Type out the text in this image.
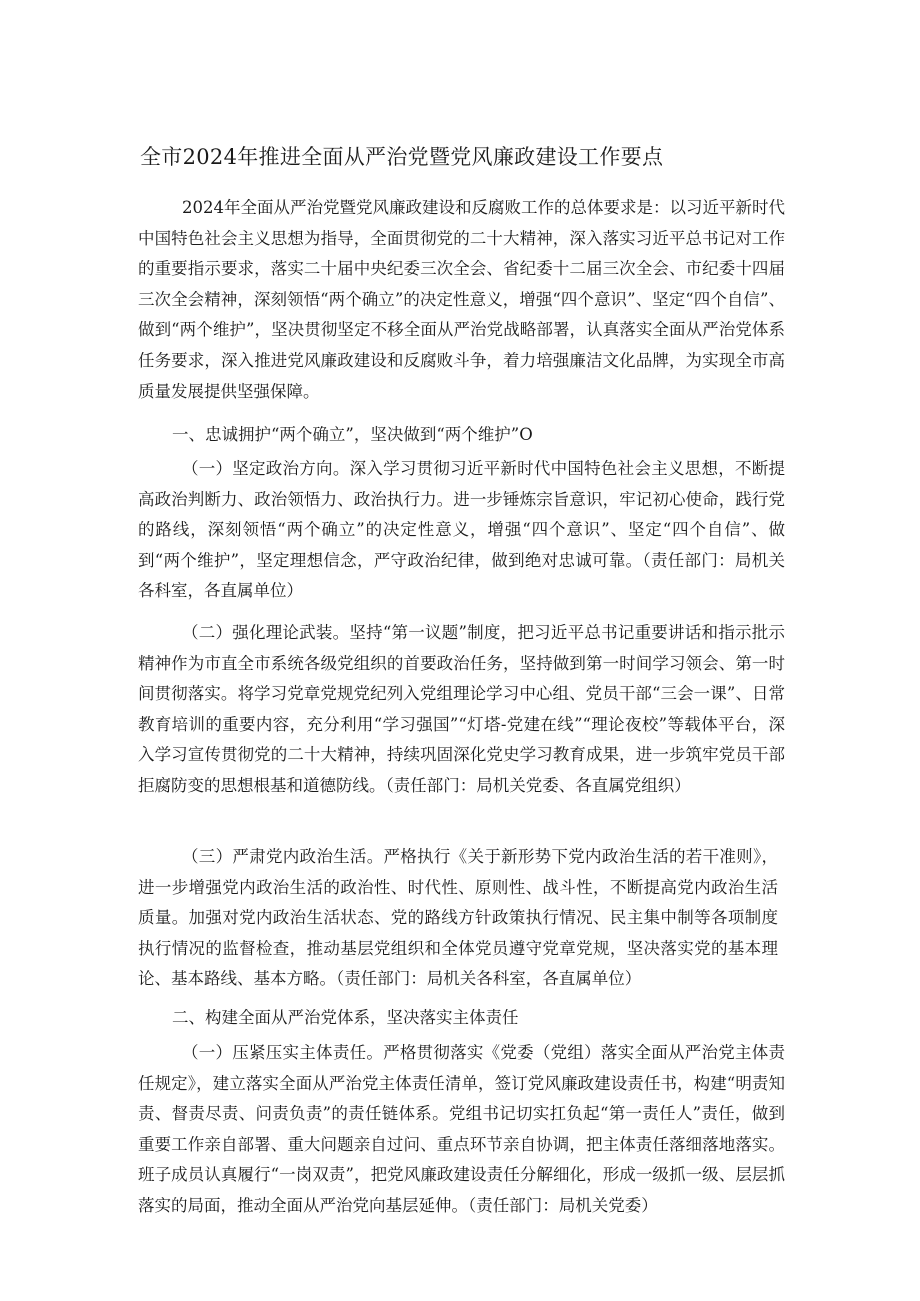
全市2024年推进全面从严治党暨党风廉政建设工作要点

2024年全面从严治党暨党风廉政建设和反腐败工作的总体要求是：以习近平新时代中国特色社会主义思想为指导，全面贯彻党的二十大精神，深入落实习近平总书记对工作的重要指示要求，落实二十届中央纪委三次全会、省纪委十二届三次全会、市纪委十四届三次全会精神，深刻领悟“两个确立”的决定性意义，增强“四个意识”、坚定“四个自信”、做到“两个维护”，坚决贯彻坚定不移全面从严治党战略部署，认真落实全面从严治党体系任务要求，深入推进党风廉政建设和反腐败斗争，着力培强廉洁文化品牌，为实现全市高质量发展提供坚强保障。

一、忠诚拥护“两个确立”，坚决做到“两个维护”O

（一）坚定政治方向。深入学习贯彻习近平新时代中国特色社会主义思想，不断提高政治判断力、政治领悟力、政治执行力。进一步锤炼宗旨意识，牢记初心使命，践行党的路线，深刻领悟“两个确立”的决定性意义，增强“四个意识”、坚定“四个自信”、做到“两个维护”，坚定理想信念，严守政治纪律，做到绝对忠诚可靠。（责任部门：局机关各科室，各直属单位）

（二）强化理论武装。坚持“第一议题”制度，把习近平总书记重要讲话和指示批示精神作为市直全市系统各级党组织的首要政治任务，坚持做到第一时间学习领会、第一时间贯彻落实。将学习党章党规党纪列入党组理论学习中心组、党员干部“三会一课”、日常教育培训的重要内容，充分利用“学习强国”“灯塔-党建在线”“理论夜校”等载体平台，深入学习宣传贯彻党的二十大精神，持续巩固深化党史学习教育成果，进一步筑牢党员干部拒腐防变的思想根基和道德防线。（责任部门：局机关党委、各直属党组织）

（三）严肃党内政治生活。严格执行《关于新形势下党内政治生活的若干准则》，进一步增强党内政治生活的政治性、时代性、原则性、战斗性，不断提高党内政治生活质量。加强对党内政治生活状态、党的路线方针政策执行情况、民主集中制等各项制度执行情况的监督检查，推动基层党组织和全体党员遵守党章党规，坚决落实党的基本理论、基本路线、基本方略。（责任部门：局机关各科室，各直属单位）

二、构建全面从严治党体系，坚决落实主体责任

（一）压紧压实主体责任。严格贯彻落实《党委（党组）落实全面从严治党主体责任规定》，建立落实全面从严治党主体责任清单，签订党风廉政建设责任书，构建“明责知责、督责尽责、问责负责”的责任链体系。党组书记切实扛负起“第一责任人”责任，做到重要工作亲自部署、重大问题亲自过问、重点环节亲自协调，把主体责任落细落地落实。班子成员认真履行“一岗双责”，把党风廉政建设责任分解细化，形成一级抓一级、层层抓落实的局面，推动全面从严治党向基层延伸。（责任部门：局机关党委）
